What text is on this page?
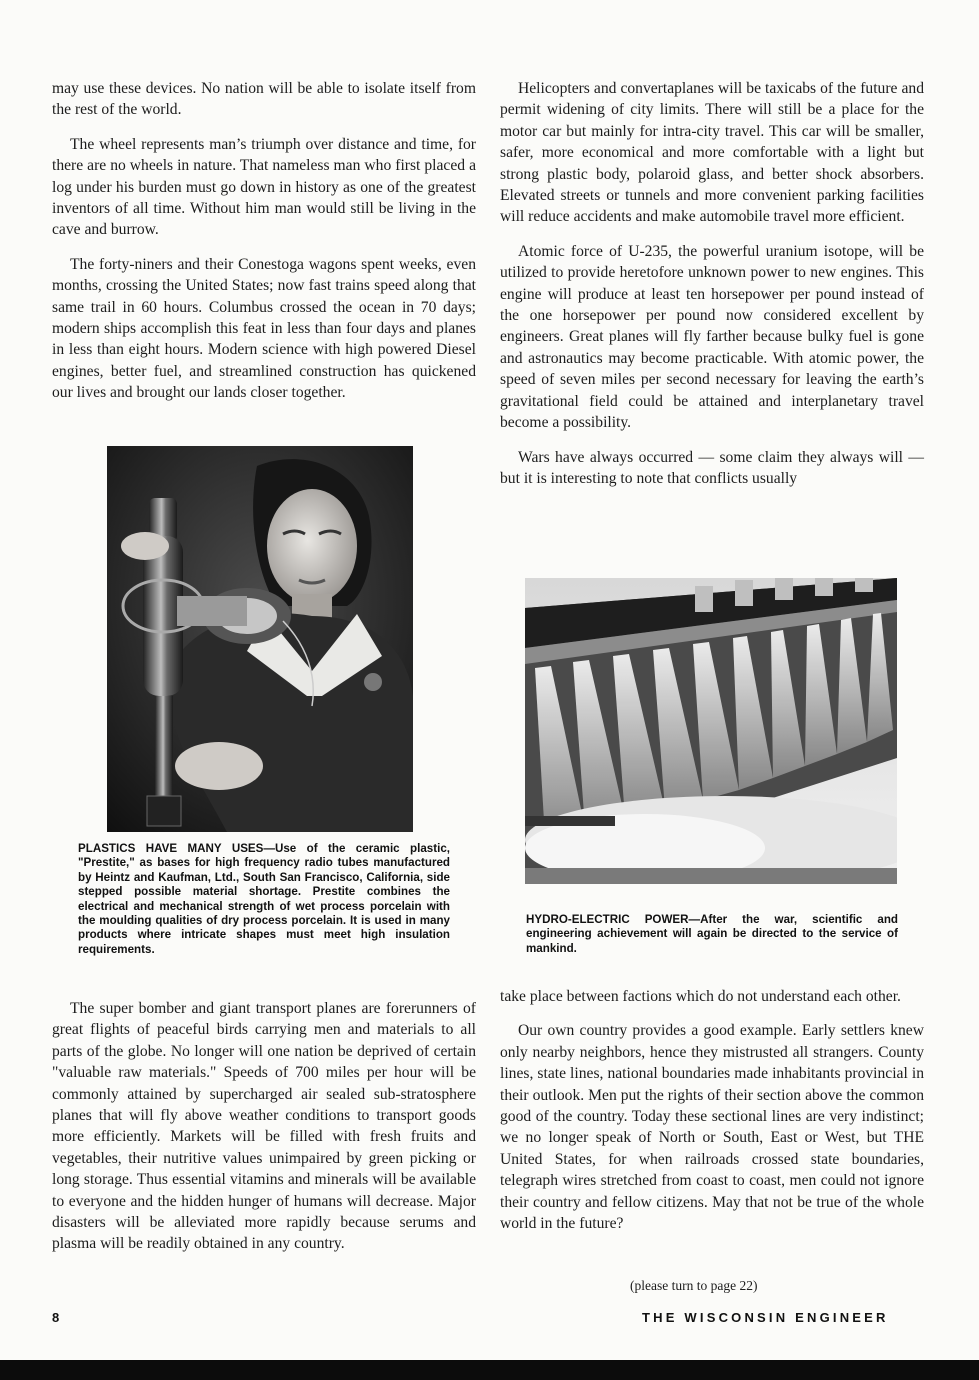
may use these devices. No nation will be able to isolate itself from the rest of the world.

The wheel represents man’s triumph over distance and time, for there are no wheels in nature. That nameless man who first placed a log under his burden must go down in history as one of the greatest inventors of all time. Without him man would still be living in the cave and burrow.

The forty-niners and their Conestoga wagons spent weeks, even months, crossing the United States; now fast trains speed along that same trail in 60 hours. Columbus crossed the ocean in 70 days; modern ships accomplish this feat in less than four days and planes in less than eight hours. Modern science with high powered Diesel engines, better fuel, and streamlined construction has quickened our lives and brought our lands closer together.

Helicopters and convertaplanes will be taxicabs of the future and permit widening of city limits. There will still be a place for the motor car but mainly for intra-city travel. This car will be smaller, safer, more economical and more comfortable with a light but strong plastic body, polaroid glass, and better shock absorbers. Elevated streets or tunnels and more convenient parking facilities will reduce accidents and make automobile travel more efficient.

Atomic force of U-235, the powerful uranium isotope, will be utilized to provide heretofore unknown power to new engines. This engine will produce at least ten horsepower per pound instead of the one horsepower per pound now considered excellent by engineers. Great planes will fly farther because bulky fuel is gone and astronautics may become practicable. With atomic power, the speed of seven miles per second necessary for leaving the earth’s gravitational field could be attained and interplanetary travel become a possibility.

Wars have always occurred — some claim they always will — but it is interesting to note that conflicts usually

PLASTICS HAVE MANY USES—Use of the ceramic plastic, "Prestite," as bases for high frequency radio tubes manufactured by Heintz and Kaufman, Ltd., South San Francisco, California, side stepped possible material shortage. Prestite combines the electrical and mechanical strength of wet process porcelain with the moulding qualities of dry process porcelain. It is used in many products where intricate shapes must meet high insulation requirements.
HYDRO-ELECTRIC POWER—After the war, scientific and engineering achievement will again be directed to the service of mankind.

The super bomber and giant transport planes are forerunners of great flights of peaceful birds carrying men and materials to all parts of the globe. No longer will one nation be deprived of certain "valuable raw materials." Speeds of 700 miles per hour will be commonly attained by supercharged air sealed sub-stratosphere planes that will fly above weather conditions to transport goods more efficiently. Markets will be filled with fresh fruits and vegetables, their nutritive values unimpaired by green picking or long storage. Thus essential vitamins and minerals will be available to everyone and the hidden hunger of humans will decrease. Major disasters will be alleviated more rapidly because serums and plasma will be readily obtained in any country.

take place between factions which do not understand each other.

Our own country provides a good example. Early settlers knew only nearby neighbors, hence they mistrusted all strangers. County lines, state lines, national boundaries made inhabitants provincial in their outlook. Men put the rights of their section above the common good of the country. Today these sectional lines are very indistinct; we no longer speak of North or South, East or West, but THE United States, for when railroads crossed state boundaries, telegraph wires stretched from coast to coast, men could not ignore their country and fellow citizens. May that not be true of the whole world in the future?

(please turn to page 22)
8	THE WISCONSIN ENGINEER
